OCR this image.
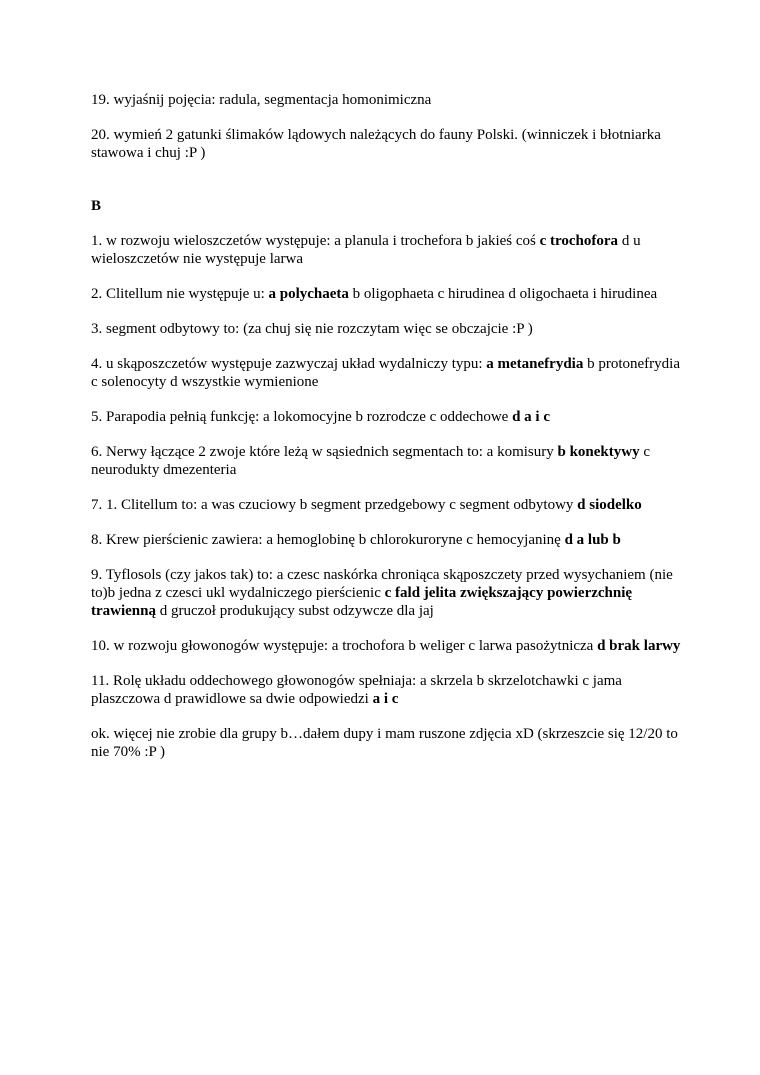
19. wyjaśnij pojęcia: radula, segmentacja homonimiczna

20. wymień 2 gatunki ślimaków lądowych należących do fauny Polski. (winniczek i błotniarka stawowa i chuj :P )

B

1. w rozwoju wieloszczetów występuje: a planula i trochefora b jakieś coś c trochofora d u wieloszczetów nie występuje larwa

2. Clitellum nie występuje u: a polychaeta b oligophaeta c hirudinea d oligochaeta i hirudinea

3. segment odbytowy to: (za chuj się nie rozczytam więc se obczajcie :P )

4. u skąposzczetów występuje zazwyczaj układ wydalniczy typu: a metanefrydia b protonefrydia c solenocyty d wszystkie wymienione

5. Parapodia pełnią funkcję: a lokomocyjne b rozrodcze c oddechowe d a i c

6. Nerwy łączące 2 zwoje które leżą w sąsiednich segmentach to: a komisury b konektywy c neurodukty dmezenteria

7. 1. Clitellum to: a was czuciowy b segment przedgebowy c segment odbytowy d siodelko

8. Krew pierścienic zawiera: a hemoglobinę b chlorokuroryne c hemocyjaninę d a lub b

9. Tyflosols (czy jakos tak) to: a czesc naskórka chroniąca skąposzczety przed wysychaniem (nie to)b jedna z czesci ukl wydalniczego pierścienic c fald jelita zwiększający powierzchnię trawienną d gruczoł produkujący subst odzywcze dla jaj

10. w rozwoju głowonogów występuje: a trochofora b weliger c larwa pasożytnicza d brak larwy

11. Rolę układu oddechowego głowonogów spełniaja: a skrzela b skrzelotchawki c jama plaszczowa d prawidlowe sa dwie odpowiedzi a i c

ok. więcej nie zrobie dla grupy b…dałem dupy i mam ruszone zdjęcia xD (skrzeszcie się 12/20 to nie 70% :P )
